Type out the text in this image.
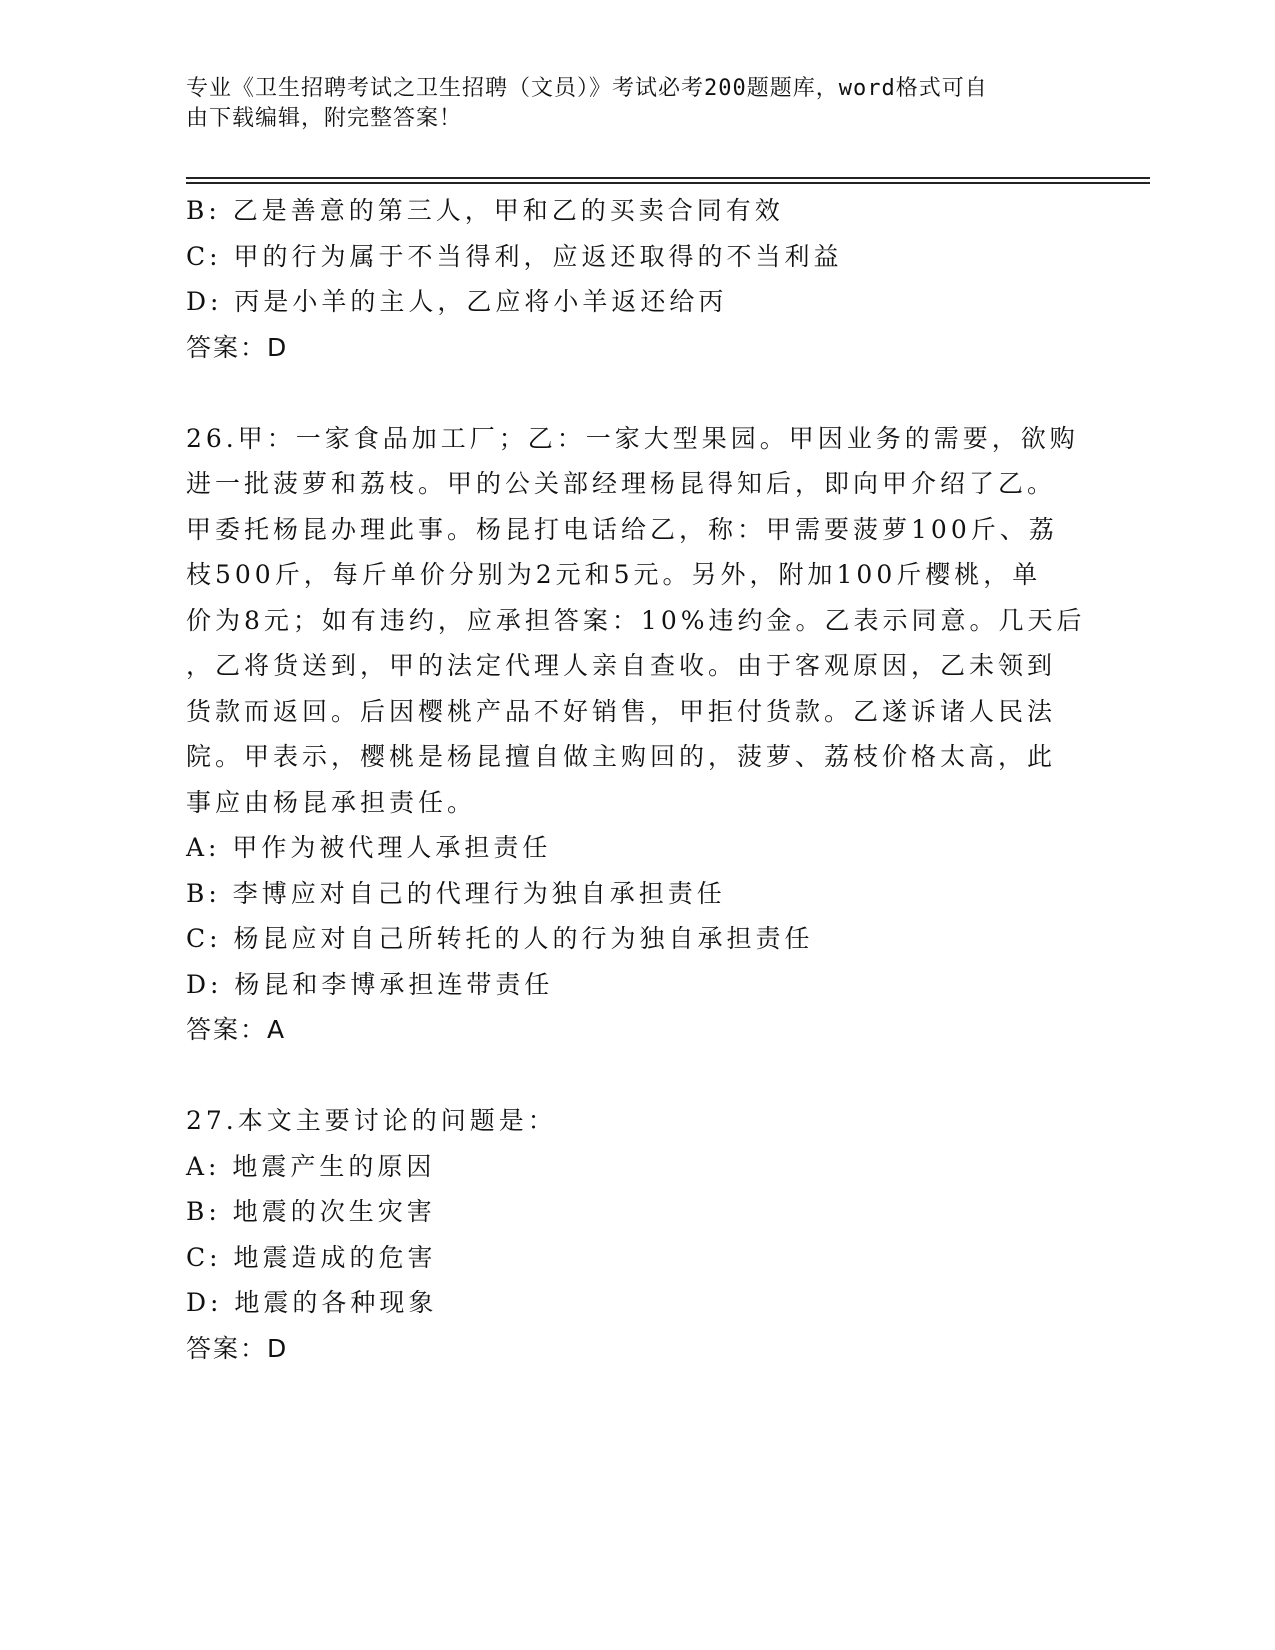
专业《卫生招聘考试之卫生招聘（文员）》考试必考200题题库，word格式可自
由下载编辑，附完整答案！
B: 乙是善意的第三人，甲和乙的买卖合同有效
C: 甲的行为属于不当得利，应返还取得的不当利益
D: 丙是小羊的主人，乙应将小羊返还给丙
答案：D
26.甲：一家食品加工厂；乙：一家大型果园。甲因业务的需要，欲购
进一批菠萝和荔枝。甲的公关部经理杨昆得知后，即向甲介绍了乙。
甲委托杨昆办理此事。杨昆打电话给乙，称：甲需要菠萝100斤、荔
枝500斤，每斤单价分别为2元和5元。另外，附加100斤樱桃，单
价为8元；如有违约，应承担答案：10%违约金。乙表示同意。几天后
，乙将货送到，甲的法定代理人亲自查收。由于客观原因，乙未领到
货款而返回。后因樱桃产品不好销售，甲拒付货款。乙遂诉诸人民法
院。甲表示，樱桃是杨昆擅自做主购回的，菠萝、荔枝价格太高，此
事应由杨昆承担责任。
A: 甲作为被代理人承担责任
B: 李博应对自己的代理行为独自承担责任
C: 杨昆应对自己所转托的人的行为独自承担责任
D: 杨昆和李博承担连带责任
答案：A
27.本文主要讨论的问题是：
A: 地震产生的原因
B: 地震的次生灾害
C: 地震造成的危害
D: 地震的各种现象
答案：D
